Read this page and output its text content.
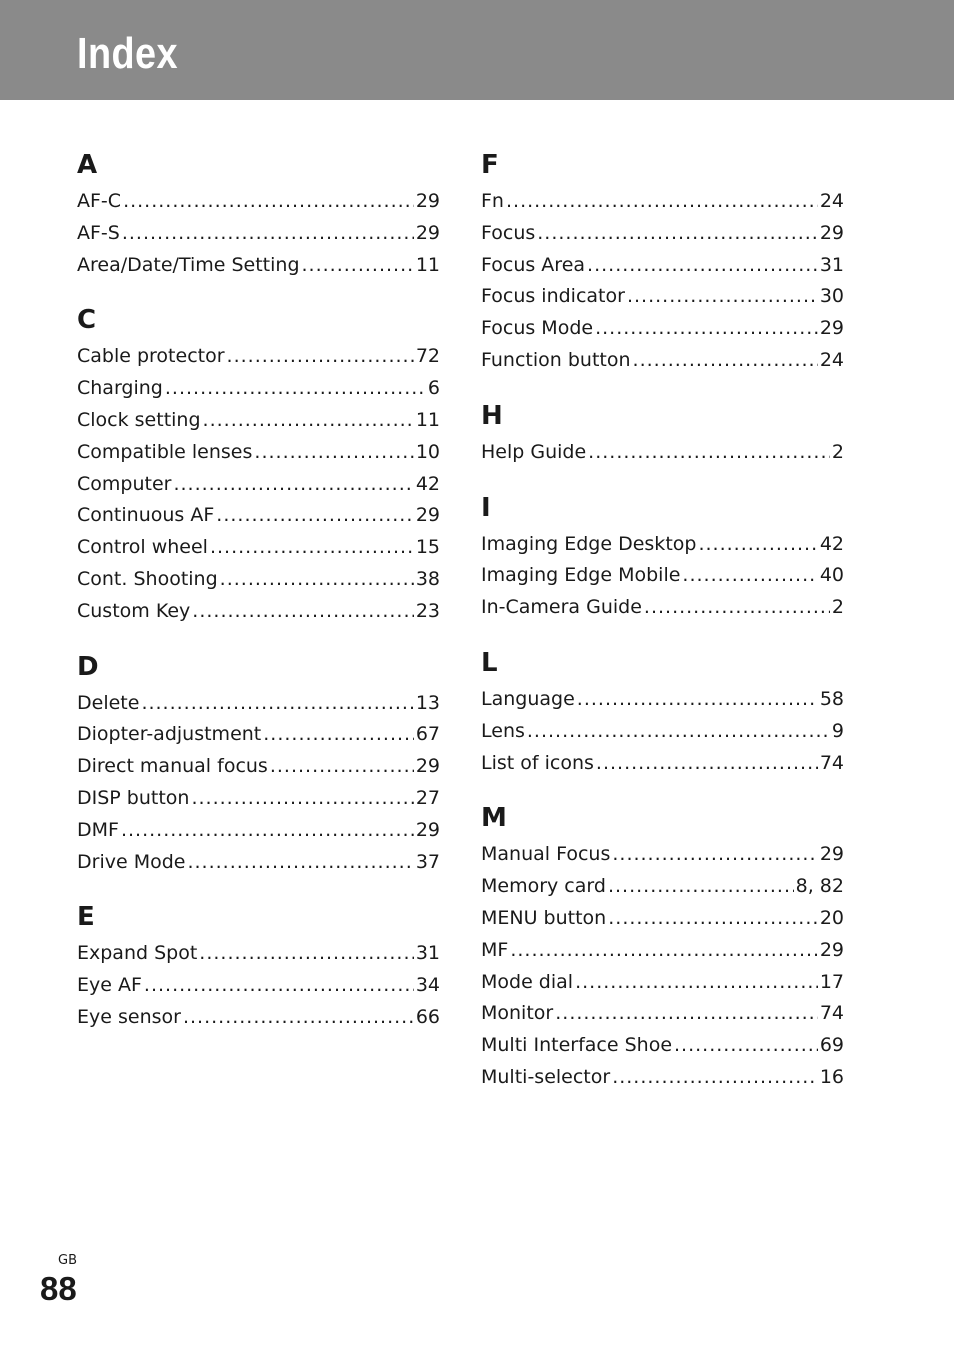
Index
A
AF-C .....	29
AF-S .....	29
Area/Date/Time Setting .....	11
C
Cable protector .....	72
Charging .....	6
Clock setting .....	11
Compatible lenses .....	10
Computer .....	42
Continuous AF .....	29
Control wheel .....	15
Cont. Shooting .....	38
Custom Key .....	23
D
Delete .....	13
Diopter-adjustment .....	67
Direct manual focus .....	29
DISP button .....	27
DMF .....	29
Drive Mode .....	37
E
Expand Spot .....	31
Eye AF .....	34
Eye sensor .....	66
F
Fn .....	24
Focus .....	29
Focus Area .....	31
Focus indicator .....	30
Focus Mode .....	29
Function button .....	24
H
Help Guide .....	2
I
Imaging Edge Desktop .....	42
Imaging Edge Mobile .....	40
In-Camera Guide .....	2
L
Language .....	58
Lens .....	9
List of icons .....	74
M
Manual Focus .....	29
Memory card .....	8, 82
MENU button .....	20
MF .....	29
Mode dial .....	17
Monitor .....	74
Multi Interface Shoe .....	69
Multi-selector .....	16
GB
88
